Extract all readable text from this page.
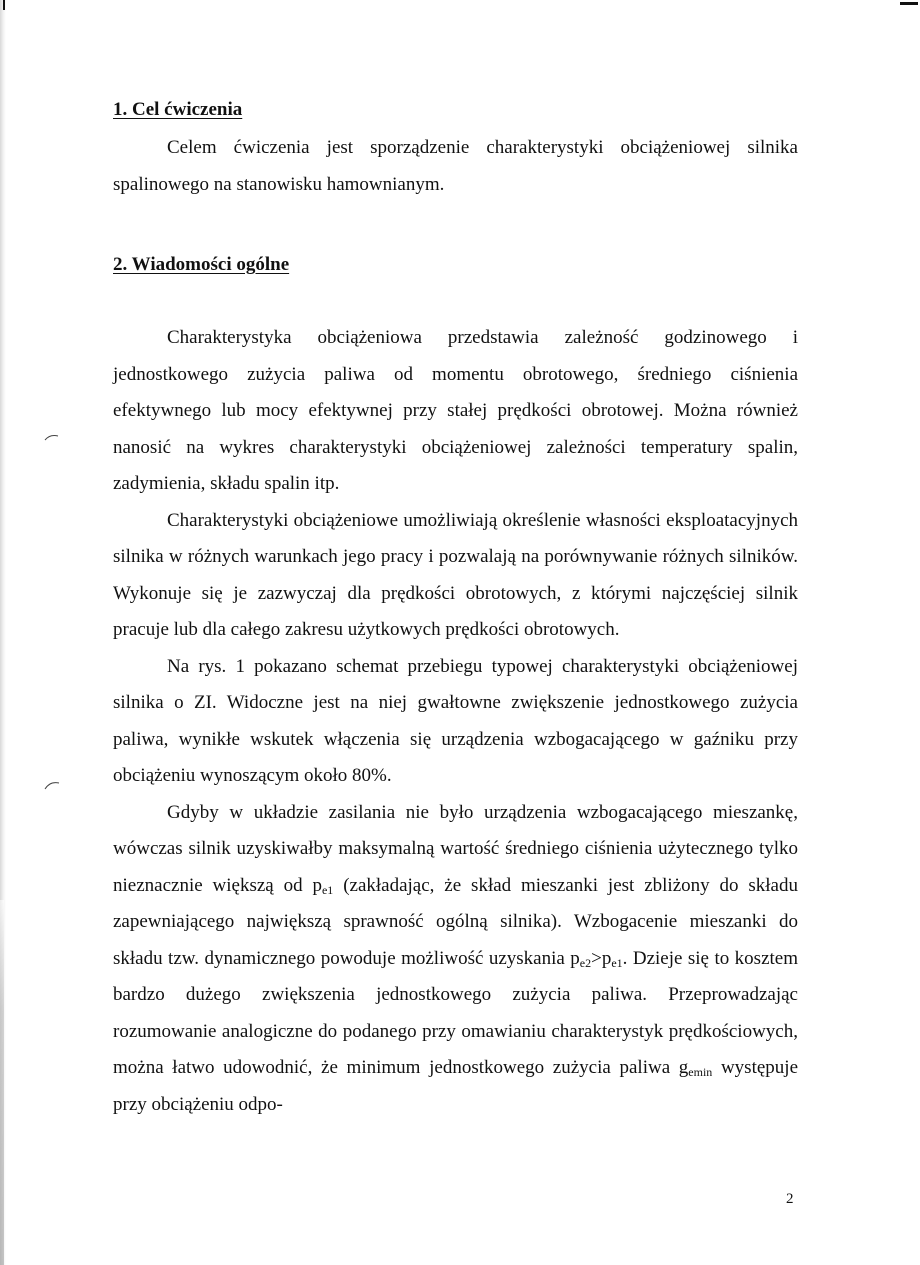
1. Cel ćwiczenia

Celem ćwiczenia jest sporządzenie charakterystyki obciążeniowej silnika spalinowego na stanowisku hamownianym.

2. Wiadomości ogólne

Charakterystyka obciążeniowa przedstawia zależność godzinowego i jednostkowego zużycia paliwa od momentu obrotowego, średniego ciśnienia efektywnego lub mocy efektywnej przy stałej prędkości obrotowej. Można również nanosić na wykres charakterystyki obciążeniowej zależności temperatury spalin, zadymienia, składu spalin itp.

Charakterystyki obciążeniowe umożliwiają określenie własności eksploatacyjnych silnika w różnych warunkach jego pracy i pozwalają na porównywanie różnych silników. Wykonuje się je zazwyczaj dla prędkości obrotowych, z którymi najczęściej silnik pracuje lub dla całego zakresu użytkowych prędkości obrotowych.

Na rys. 1 pokazano schemat przebiegu typowej charakterystyki obciążeniowej silnika o ZI. Widoczne jest na niej gwałtowne zwiększenie jednostkowego zużycia paliwa, wynikłe wskutek włączenia się urządzenia wzbogacającego w gaźniku przy obciążeniu wynoszącym około 80%.

Gdyby w układzie zasilania nie było urządzenia wzbogacającego mieszankę, wówczas silnik uzyskiwałby maksymalną wartość średniego ciśnienia użytecznego tylko nieznacznie większą od $p_{e1}$ (zakładając, że skład mieszanki jest zbliżony do składu zapewniającego największą sprawność ogólną silnika). Wzbogacenie mieszanki do składu tzw. dynamicznego powoduje możliwość uzyskania $p_{e2}>p_{e1}$. Dzieje się to kosztem bardzo dużego zwiększenia jednostkowego zużycia paliwa. Przeprowadzając rozumowanie analogiczne do podanego przy omawianiu charakterystyk prędkościowych, można łatwo udowodnić, że minimum jednostkowego zużycia paliwa $g_{emin}$ występuje przy obciążeniu odpo-

2
